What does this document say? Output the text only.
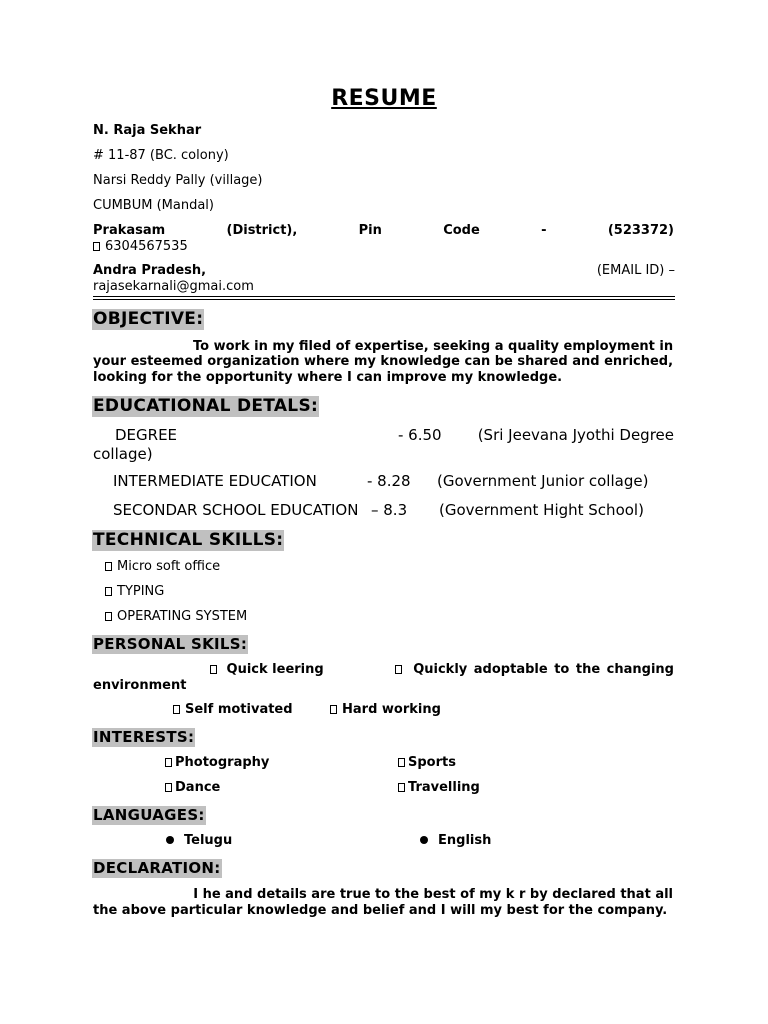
RESUME
N. Raja Sekhar
# 11-87 (BC. colony)
Narsi Reddy Pally (village)
CUMBUM (Mandal)
Prakasam	(District),	Pin	Code	-	(523372)
6304567535
Andra Pradesh,	(EMAIL ID) –
rajasekarnali@gmai.com
OBJECTIVE:
To work in my filed of expertise, seeking a quality employment in
your esteemed organization where my knowledge can be shared and enriched,
looking for the opportunity where I can improve my knowledge.
EDUCATIONAL DETALS:
DEGREE	- 6.50 (Sri Jeevana Jyothi Degree
collage)
INTERMEDIATE EDUCATION	- 8.28 (Government Junior collage)
SECONDAR SCHOOL EDUCATION – 8.3 (Government Hight School)
TECHNICAL SKILLS:
Micro soft office
TYPING
OPERATING SYSTEM
PERSONAL SKILS:
Quick leering	Quickly adoptable to the changing
environment
Self motivated	Hard working
INTERESTS:
Photography	Sports
Dance	Travelling
LANGUAGES:
Telugu	English
DECLARATION:
I he and details are true to the best of my k r by declared that all
the above particular knowledge and belief and I will my best for the company.
